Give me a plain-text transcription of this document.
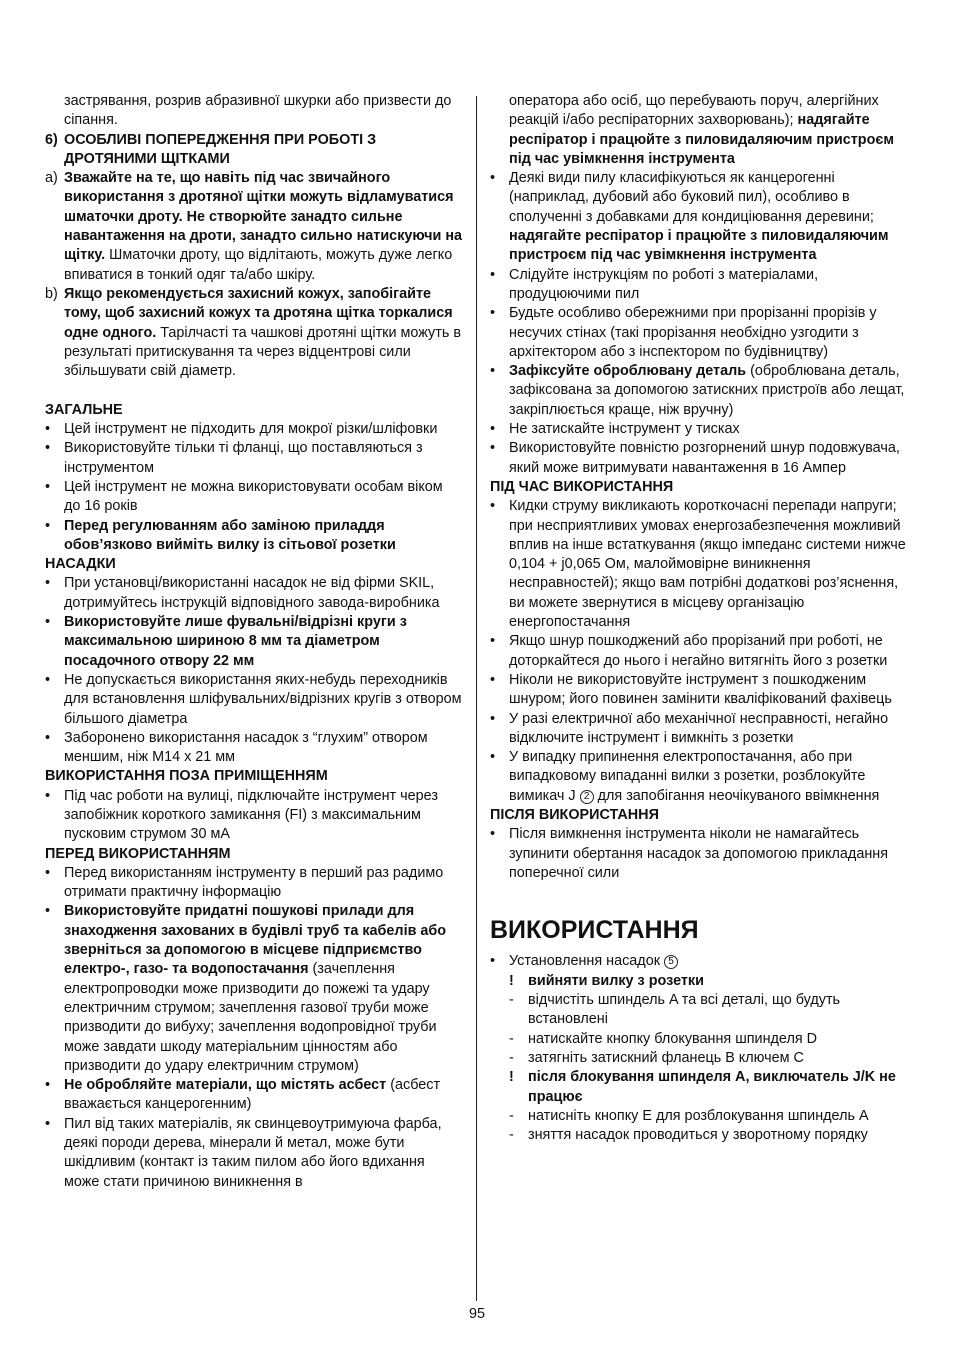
застрявання, розрив абразивної шкурки або призвести до сіпання.

6) ОСОБЛИВІ ПОПЕРЕДЖЕННЯ ПРИ РОБОТІ З ДРОТЯНИМИ ЩІТКАМИ

a) Зважайте на те, що навіть під час звичайного використання з дротяної щітки можуть відламуватися шматочки дроту. Не створюйте занадто сильне навантаження на дроти, занадто сильно натискуючи на щітку. Шматочки дроту, що відлітають, можуть дуже легко впиватися в тонкий одяг та/або шкіру.

b) Якщо рекомендується захисний кожух, запобігайте тому, щоб захисний кожух та дротяна щітка торкалися одне одного. Тарілчасті та чашкові дротяні щітки можуть в результаті притискування та через відцентрові сили збільшувати свій діаметр.

ЗАГАЛЬНЕ

• Цей інструмент не підходить для мокрої різки/шліфовки

• Використовуйте тільки ті фланці, що поставляються з інструментом

• Цей інструмент не можна використовувати особам віком до 16 років

• Перед регулюванням або заміною приладдя обов’язково вийміть вилку із сітьової розетки

НАСАДКИ

• При установці/використанні насадок не від фірми SKIL, дотримуйтесь інструкцій відповідного завода-виробника

• Використовуйте лише фувальні/відрізні круги з максимальною шириною 8 мм та діаметром посадочного отвору 22 мм

• Не допускається використання яких-небудь переходників для встановлення шліфувальних/відрізних кругів з отвором більшого діаметра

• Заборонено використання насадок з “глухим” отвором меншим, ніж M14 x 21 мм

ВИКОРИСТАННЯ ПОЗА ПРИМІЩЕННЯМ

• Під час роботи на вулиці, підключайте інструмент через запобіжник короткого замикання (FI) з максимальним пусковим струмом 30 мА

ПЕРЕД ВИКОРИСТАННЯМ

• Перед використанням інструменту в перший раз радимо отримати практичну інформацію

• Використовуйте придатні пошукові прилади для знаходження захованих в будівлі труб та кабелів або зверніться за допомогою в місцеве підприємство електро-, газо- та водопостачання (зачеплення електропроводки може призводити до пожежі та удару електричним струмом; зачеплення газової труби може призводити до вибуху; зачеплення водопровідної труби може завдати шкоду матеріальним цінностям або призводити до удару електричним струмом)

• Не обробляйте матеріали, що містять асбест (асбест вважається канцерогенним)

• Пил від таких матеріалів, як свинцевоутримуюча фарба, деякі породи дерева, мінерали й метал, може бути шкідливим (контакт із таким пилом або його вдихання може стати причиною виникнення в

оператора або осіб, що перебувають поруч, алергійних реакцій і/або респіраторних захворювань); надягайте респіратор і працюйте з пиловидаляючим пристроєм під час увімкнення інструмента

• Деякі види пилу класифікуються як канцерогенні (наприклад, дубовий або буковий пил), особливо в сполученні з добавками для кондиціювання деревини; надягайте респіратор і працюйте з пиловидаляючим пристроєм під час увімкнення інструмента

• Слідуйте інструкціям по роботі з матеріалами, продуцюючими пил

• Будьте особливо обережними при прорізанні прорізів у несучих стінах (такі прорізання необхідно узгодити з архітектором або з інспектором по будівництву)

• Зафіксуйте оброблювану деталь (оброблювана деталь, зафіксована за допомогою затискних пристроїв або лещат, закріплюється краще, ніж вручну)

• Не затискайте інструмент у тисках

• Використовуйте повністю розгорнений шнур подовжувача, який може витримувати навантаження в 16 Ампер

ПІД ЧАС ВИКОРИСТАННЯ

• Кидки струму викликають короткочасні перепади напруги; при несприятливих умовах енергозабезпечення можливий вплив на інше встаткування (якщо імпеданс системи нижче 0,104 + j0,065 Ом, малоймовірне виникнення несправностей); якщо вам потрібні додаткові роз’яснення, ви можете звернутися в місцеву організацію енергопостачання

• Якщо шнур пошкоджений або прорізаний при роботі, не доторкайтеся до нього і негайно витягніть його з розетки

• Ніколи не використовуйте інструмент з пошкодженим шнуром; його повинен замінити кваліфікований фахівець

• У разі електричної або механічної несправності, негайно відключите інструмент і вимкніть з розетки

• У випадку припинення електропостачання, або при випадковому випаданні вилки з розетки, розблокуйте вимикач J 2 для запобігання неочікуваного ввімкнення

ПІСЛЯ ВИКОРИСТАННЯ

• Після вимкнення інструмента ніколи не намагайтесь зупинити обертання насадок за допомогою прикладання поперечної сили

ВИКОРИСТАННЯ

• Установлення насадок 5

! вийняти вилку з розетки

- відчистіть шпиндель A та всі деталі, що будуть встановлені

- натискайте кнопку блокування шпинделя D

- затягніть затискний фланець B ключем C

! після блокування шпинделя A, виключатель J/K не працює

- натисніть кнопку E для розблокування шпиндель A

- зняття насадок проводиться у зворотному порядку

95
